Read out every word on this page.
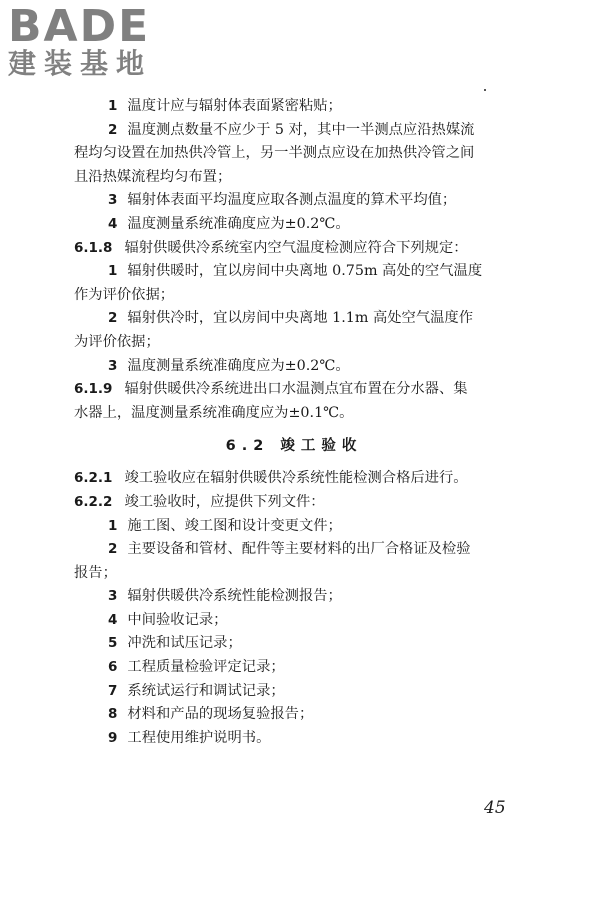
BADE
建装基地
1 温度计应与辐射体表面紧密粘贴；
2 温度测点数量不应少于 5 对，其中一半测点应沿热媒流
程均匀设置在加热供冷管上，另一半测点应设在加热供冷管之间
且沿热媒流程均匀布置；
3 辐射体表面平均温度应取各测点温度的算术平均值；
4 温度测量系统准确度应为±0.2℃。
6.1.8 辐射供暖供冷系统室内空气温度检测应符合下列规定：
1 辐射供暖时，宜以房间中央离地 0.75m 高处的空气温度
作为评价依据；
2 辐射供冷时，宜以房间中央离地 1.1m 高处空气温度作
为评价依据；
3 温度测量系统准确度应为±0.2℃。
6.1.9 辐射供暖供冷系统进出口水温测点宜布置在分水器、集
水器上，温度测量系统准确度应为±0.1℃。
6.2 竣工验收
6.2.1 竣工验收应在辐射供暖供冷系统性能检测合格后进行。
6.2.2 竣工验收时，应提供下列文件：
1 施工图、竣工图和设计变更文件；
2 主要设备和管材、配件等主要材料的出厂合格证及检验
报告；
3 辐射供暖供冷系统性能检测报告；
4 中间验收记录；
5 冲洗和试压记录；
6 工程质量检验评定记录；
7 系统试运行和调试记录；
8 材料和产品的现场复验报告；
9 工程使用维护说明书。
45
